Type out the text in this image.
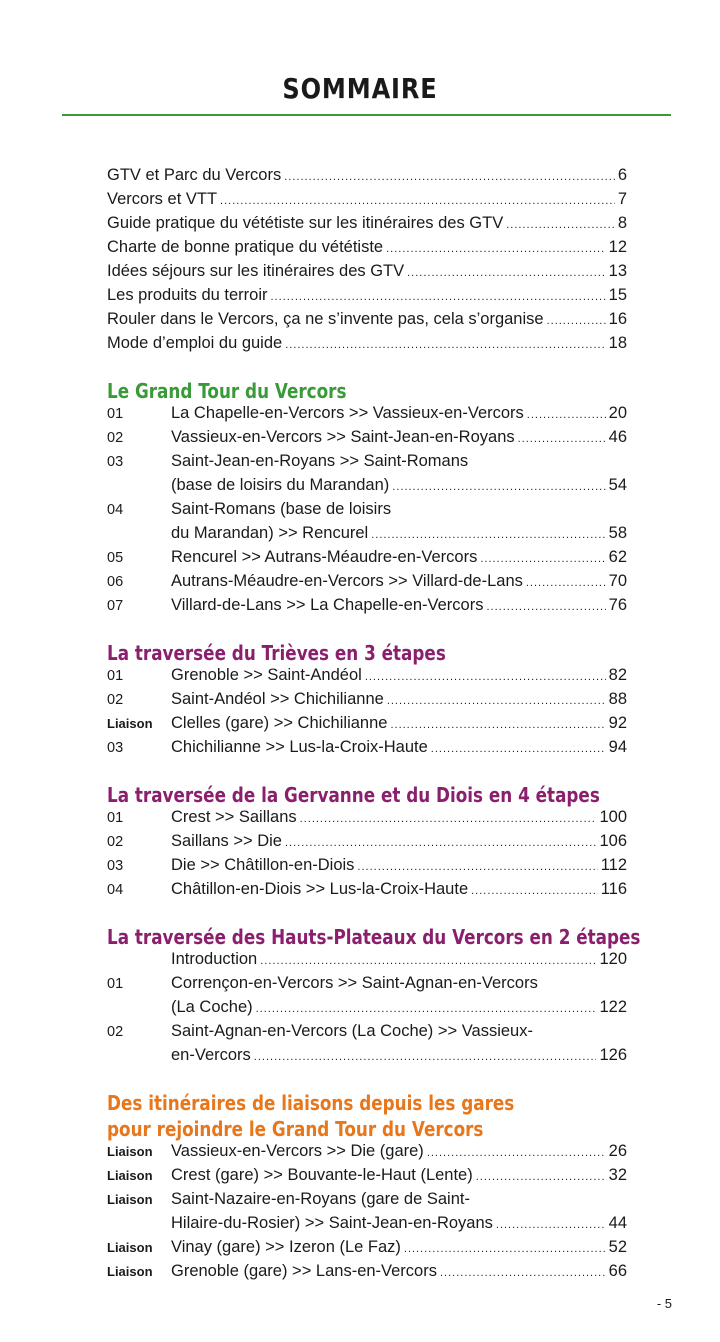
SOMMAIRE
GTV et Parc du Vercors .....	6
Vercors et VTT .....	7
Guide pratique du vététiste sur les itinéraires des GTV .....	8
Charte de bonne pratique du vététiste .....	12
Idées séjours sur les itinéraires des GTV .....	13
Les produits du terroir .....	15
Rouler dans le Vercors, ça ne s’invente pas, cela s’organise .....	16
Mode d’emploi du guide .....	18
Le Grand Tour du Vercors
01	La Chapelle-en-Vercors >> Vassieux-en-Vercors .....	20
02	Vassieux-en-Vercors >> Saint-Jean-en-Royans .....	46
03	Saint-Jean-en-Royans >> Saint-Romans
(base de loisirs du Marandan) .....	54
04	Saint-Romans (base de loisirs
du Marandan) >> Rencurel .....	58
05	Rencurel >> Autrans-Méaudre-en-Vercors .....	62
06	Autrans-Méaudre-en-Vercors >> Villard-de-Lans .....	70
07	Villard-de-Lans >> La Chapelle-en-Vercors .....	76
La traversée du Trièves en 3 étapes
01	Grenoble >> Saint-Andéol .....	82
02	Saint-Andéol >> Chichilianne .....	88
Liaison	Clelles (gare) >> Chichilianne .....	92
03	Chichilianne >> Lus-la-Croix-Haute .....	94
La traversée de la Gervanne et du Diois en 4 étapes
01	Crest >> Saillans .....	100
02	Saillans >> Die .....	106
03	Die >> Châtillon-en-Diois .....	112
04	Châtillon-en-Diois >> Lus-la-Croix-Haute .....	116
La traversée des Hauts-Plateaux du Vercors en 2 étapes
Introduction .....	120
01	Corrençon-en-Vercors >> Saint-Agnan-en-Vercors
(La Coche) .....	122
02	Saint-Agnan-en-Vercors (La Coche) >> Vassieux-
en-Vercors .....	126
Des itinéraires de liaisons depuis les gares
pour rejoindre le Grand Tour du Vercors
Liaison	Vassieux-en-Vercors >> Die (gare) .....	26
Liaison	Crest (gare) >> Bouvante-le-Haut (Lente) .....	32
Liaison	Saint-Nazaire-en-Royans (gare de Saint-
Hilaire-du-Rosier) >> Saint-Jean-en-Royans .....	44
Liaison	Vinay (gare) >> Izeron (Le Faz) .....	52
Liaison	Grenoble (gare) >> Lans-en-Vercors .....	66
- 5
